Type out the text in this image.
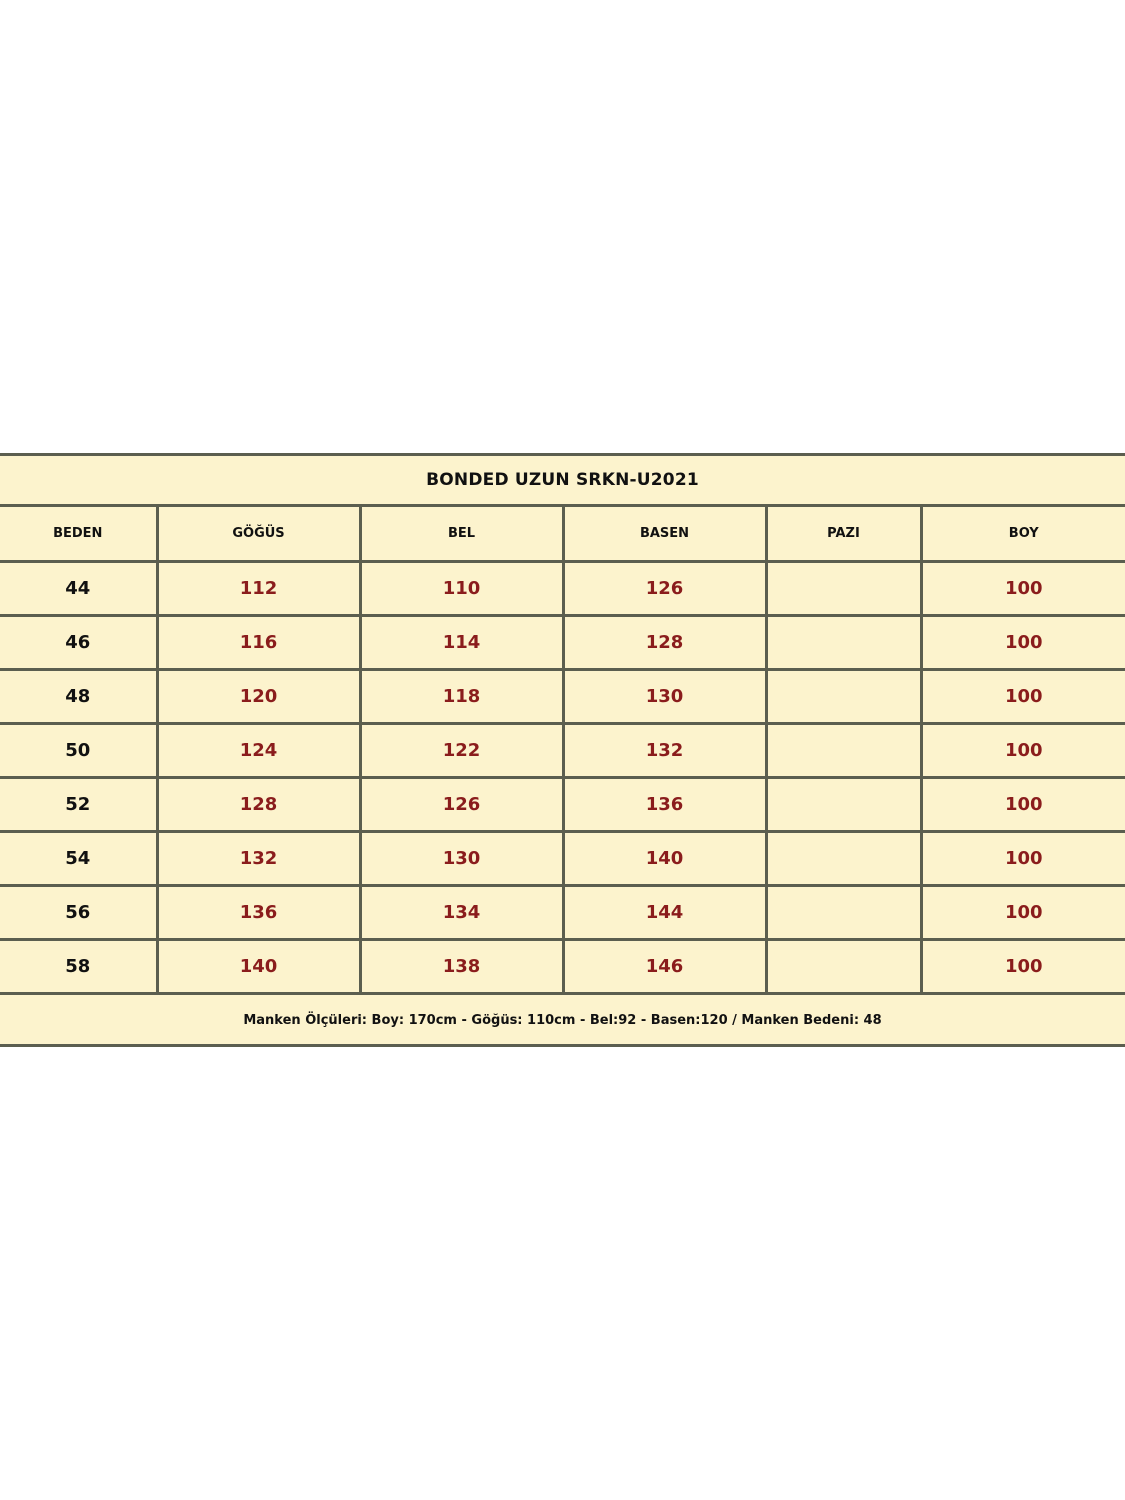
BONDED UZUN SRKN-U2021
BEDEN	GÖĞÜS	BEL	BASEN	PAZI	BOY
44	112	110	126		100
46	116	114	128		100
48	120	118	130		100
50	124	122	132		100
52	128	126	136		100
54	132	130	140		100
56	136	134	144		100
58	140	138	146		100
Manken Ölçüleri: Boy: 170cm - Göğüs: 110cm - Bel:92 - Basen:120 / Manken Bedeni: 48
